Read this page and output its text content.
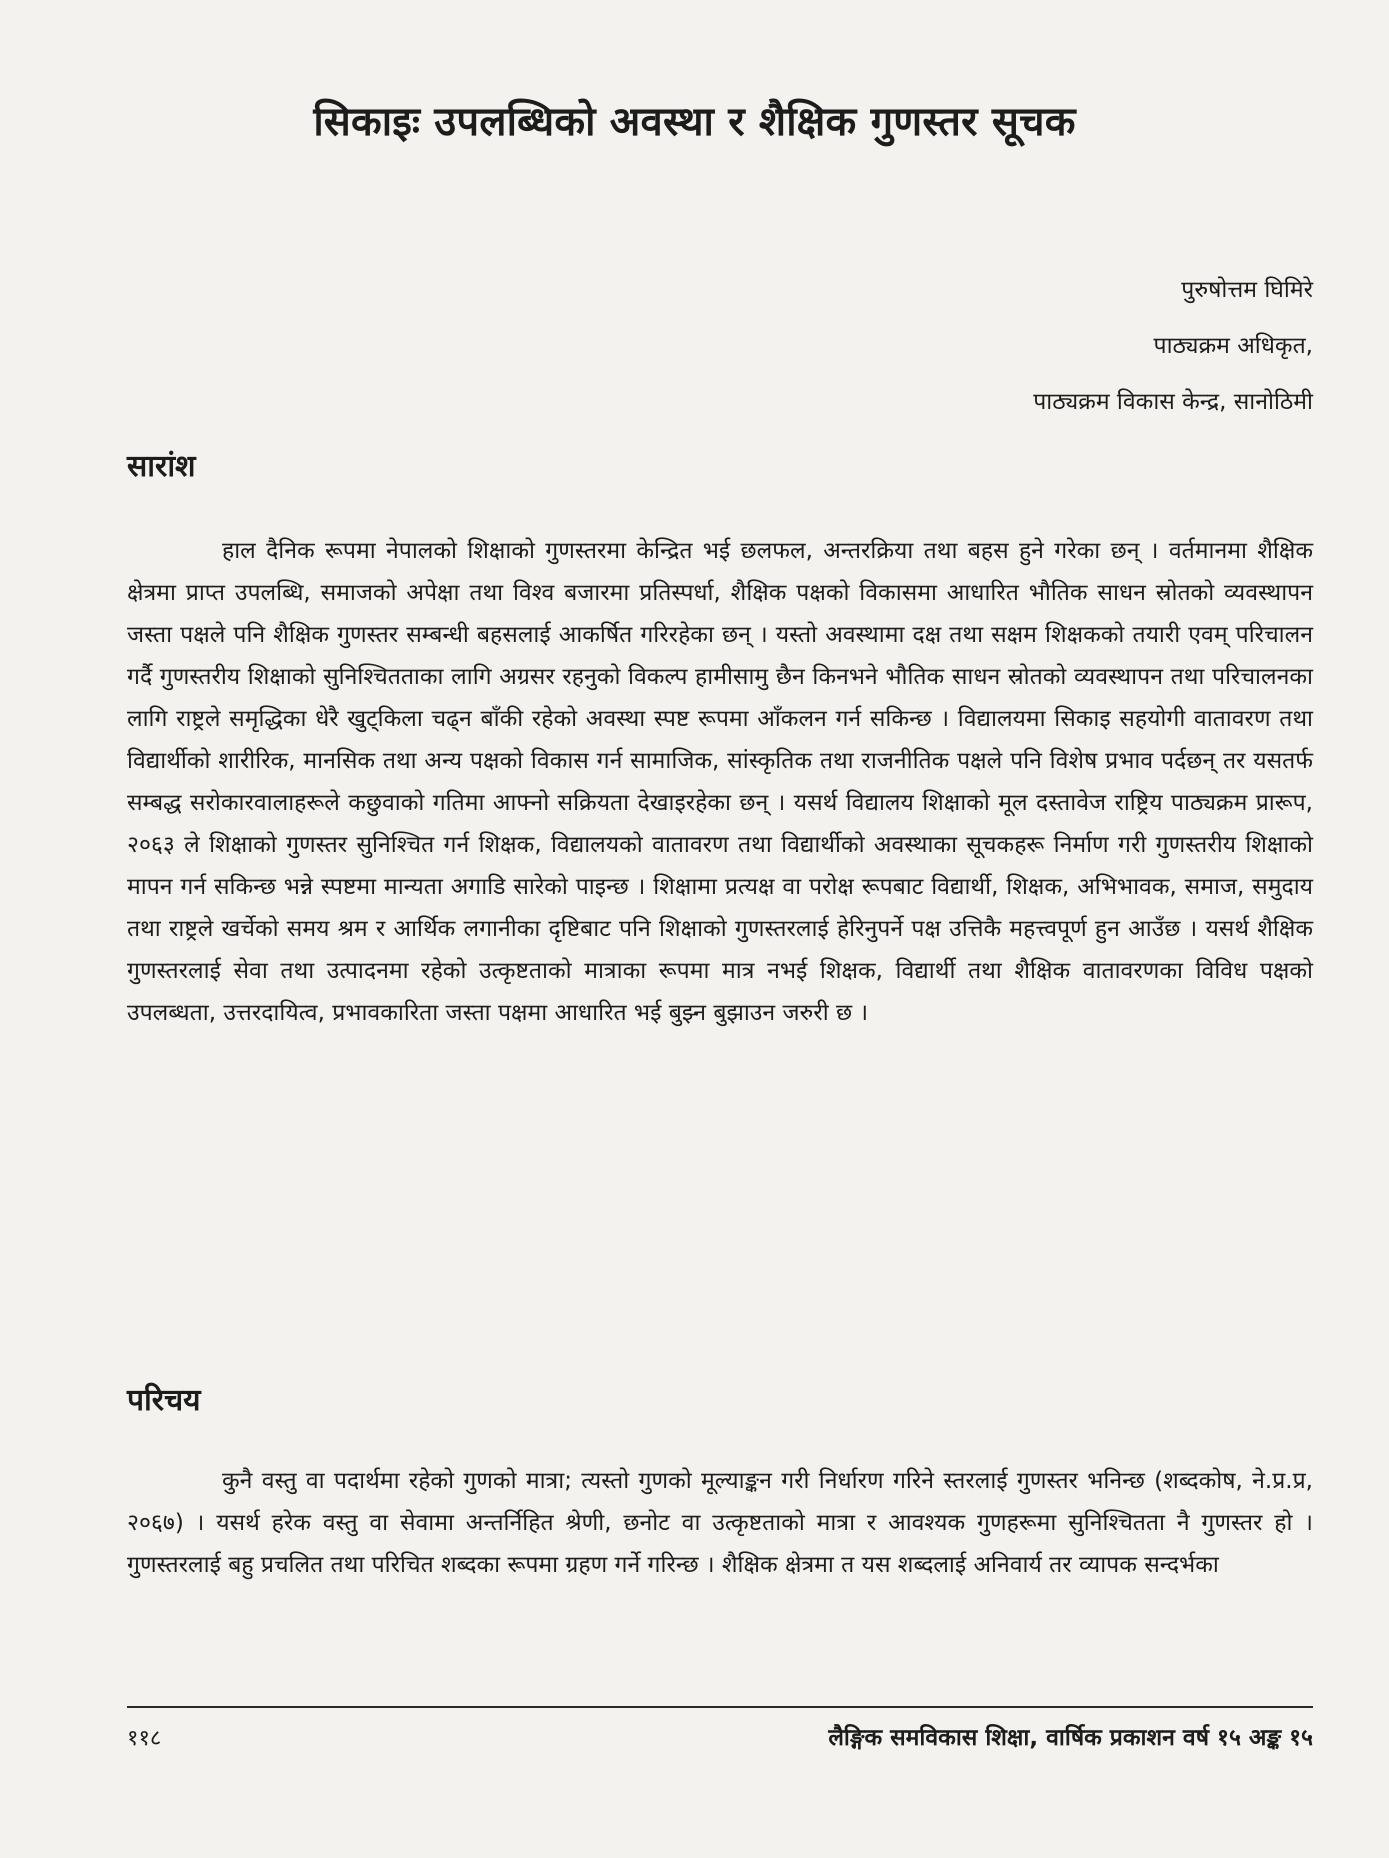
सिकाइः उपलब्धिको अवस्था र शैक्षिक गुणस्तर सूचक
पुरुषोत्तम घिमिरे
पाठ्यक्रम अधिकृत,
पाठ्यक्रम विकास केन्द्र, सानोठिमी
सारांश

हाल दैनिक रूपमा नेपालको शिक्षाको गुणस्तरमा केन्द्रित भई छलफल, अन्तरक्रिया तथा बहस हुने गरेका छन् । वर्तमानमा शैक्षिक क्षेत्रमा प्राप्त उपलब्धि, समाजको अपेक्षा तथा विश्व बजारमा प्रतिस्पर्धा, शैक्षिक पक्षको विकासमा आधारित भौतिक साधन स्रोतको व्यवस्थापन जस्ता पक्षले पनि शैक्षिक गुणस्तर सम्बन्धी बहसलाई आकर्षित गरिरहेका छन् । यस्तो अवस्थामा दक्ष तथा सक्षम शिक्षकको तयारी एवम् परिचालन गर्दै गुणस्तरीय शिक्षाको सुनिश्चितताका लागि अग्रसर रहनुको विकल्प हामीसामु छैन किनभने भौतिक साधन स्रोतको व्यवस्थापन तथा परिचालनका लागि राष्ट्रले समृद्धिका धेरै खुट्किला चढ्न बाँकी रहेको अवस्था स्पष्ट रूपमा आँकलन गर्न सकिन्छ । विद्यालयमा सिकाइ सहयोगी वातावरण तथा विद्यार्थीको शारीरिक, मानसिक तथा अन्य पक्षको विकास गर्न सामाजिक, सांस्कृतिक तथा राजनीतिक पक्षले पनि विशेष प्रभाव पर्दछन् तर यसतर्फ सम्बद्ध सरोकारवालाहरूले कछुवाको गतिमा आफ्नो सक्रियता देखाइरहेका छन् । यसर्थ विद्यालय शिक्षाको मूल दस्तावेज राष्ट्रिय पाठ्यक्रम प्रारूप, २०६३ ले शिक्षाको गुणस्तर सुनिश्चित गर्न शिक्षक, विद्यालयको वातावरण तथा विद्यार्थीको अवस्थाका सूचकहरू निर्माण गरी गुणस्तरीय शिक्षाको मापन गर्न सकिन्छ भन्ने स्पष्टमा मान्यता अगाडि सारेको पाइन्छ । शिक्षामा प्रत्यक्ष वा परोक्ष रूपबाट विद्यार्थी, शिक्षक, अभिभावक, समाज, समुदाय तथा राष्ट्रले खर्चेको समय श्रम र आर्थिक लगानीका दृष्टिबाट पनि शिक्षाको गुणस्तरलाई हेरिनुपर्ने पक्ष उत्तिकै महत्त्वपूर्ण हुन आउँछ । यसर्थ शैक्षिक गुणस्तरलाई सेवा तथा उत्पादनमा रहेको उत्कृष्टताको मात्राका रूपमा मात्र नभई शिक्षक, विद्यार्थी तथा शैक्षिक वातावरणका विविध पक्षको उपलब्धता, उत्तरदायित्व, प्रभावकारिता जस्ता पक्षमा आधारित भई बुझ्न बुझाउन जरुरी छ ।

परिचय

कुनै वस्तु वा पदार्थमा रहेको गुणको मात्रा; त्यस्तो गुणको मूल्याङ्कन गरी निर्धारण गरिने स्तरलाई गुणस्तर भनिन्छ (शब्दकोष, ने.प्र.प्र, २०६७) । यसर्थ हरेक वस्तु वा सेवामा अन्तर्निहित श्रेणी, छनोट वा उत्कृष्टताको मात्रा र आवश्यक गुणहरूमा सुनिश्चितता नै गुणस्तर हो । गुणस्तरलाई बहु प्रचलित तथा परिचित शब्दका रूपमा ग्रहण गर्ने गरिन्छ । शैक्षिक क्षेत्रमा त यस शब्दलाई अनिवार्य तर व्यापक सन्दर्भका

११८	लैङ्गिक समविकास शिक्षा, वार्षिक प्रकाशन वर्ष १५ अङ्क १५
